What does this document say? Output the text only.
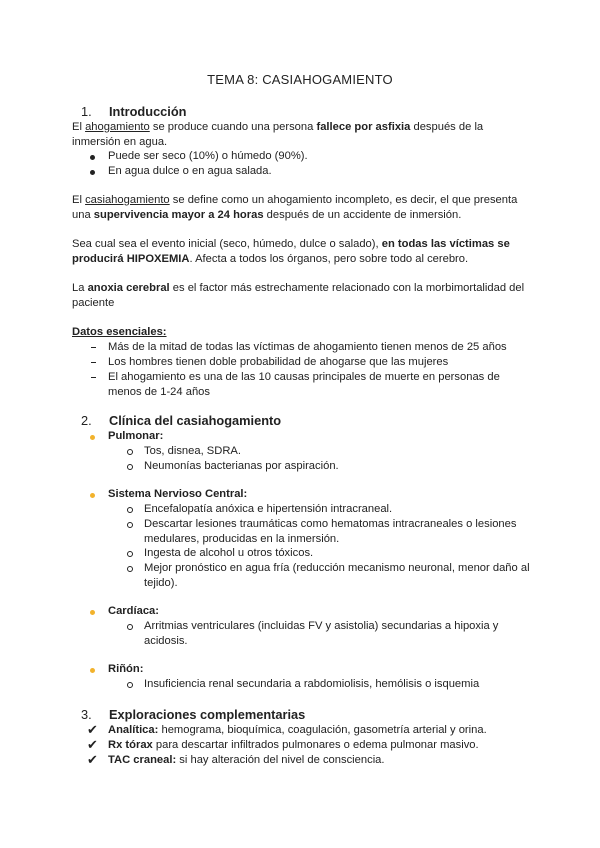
TEMA 8: CASIAHOGAMIENTO
1. Introducción
El ahogamiento se produce cuando una persona fallece por asfixia después de la
inmersión en agua.
Puede ser seco (10%) o húmedo (90%).
En agua dulce o en agua salada.
El casiahogamiento se define como un ahogamiento incompleto, es decir, el que presenta
una supervivencia mayor a 24 horas después de un accidente de inmersión.
Sea cual sea el evento inicial (seco, húmedo, dulce o salado), en todas las víctimas se
producirá HIPOXEMIA. Afecta a todos los órganos, pero sobre todo al cerebro.
La anoxia cerebral es el factor más estrechamente relacionado con la morbimortalidad del
paciente
Datos esenciales:
Más de la mitad de todas las víctimas de ahogamiento tienen menos de 25 años
Los hombres tienen doble probabilidad de ahogarse que las mujeres
El ahogamiento es una de las 10 causas principales de muerte en personas de
menos de 1-24 años
2. Clínica del casiahogamiento
Pulmonar:
Tos, disnea, SDRA.
Neumonías bacterianas por aspiración.
Sistema Nervioso Central:
Encefalopatía anóxica e hipertensión intracraneal.
Descartar lesiones traumáticas como hematomas intracraneales o lesiones
medulares, producidas en la inmersión.
Ingesta de alcohol u otros tóxicos.
Mejor pronóstico en agua fría (reducción mecanismo neuronal, menor daño al
tejido).
Cardíaca:
Arritmias ventriculares (incluidas FV y asistolia) secundarias a hipoxia y
acidosis.
Riñón:
Insuficiencia renal secundaria a rabdomiolisis, hemólisis o isquemia
3. Exploraciones complementarias
✔ Analítica: hemograma, bioquímica, coagulación, gasometría arterial y orina.
✔ Rx tórax para descartar infiltrados pulmonares o edema pulmonar masivo.
✔ TAC craneal: si hay alteración del nivel de consciencia.
